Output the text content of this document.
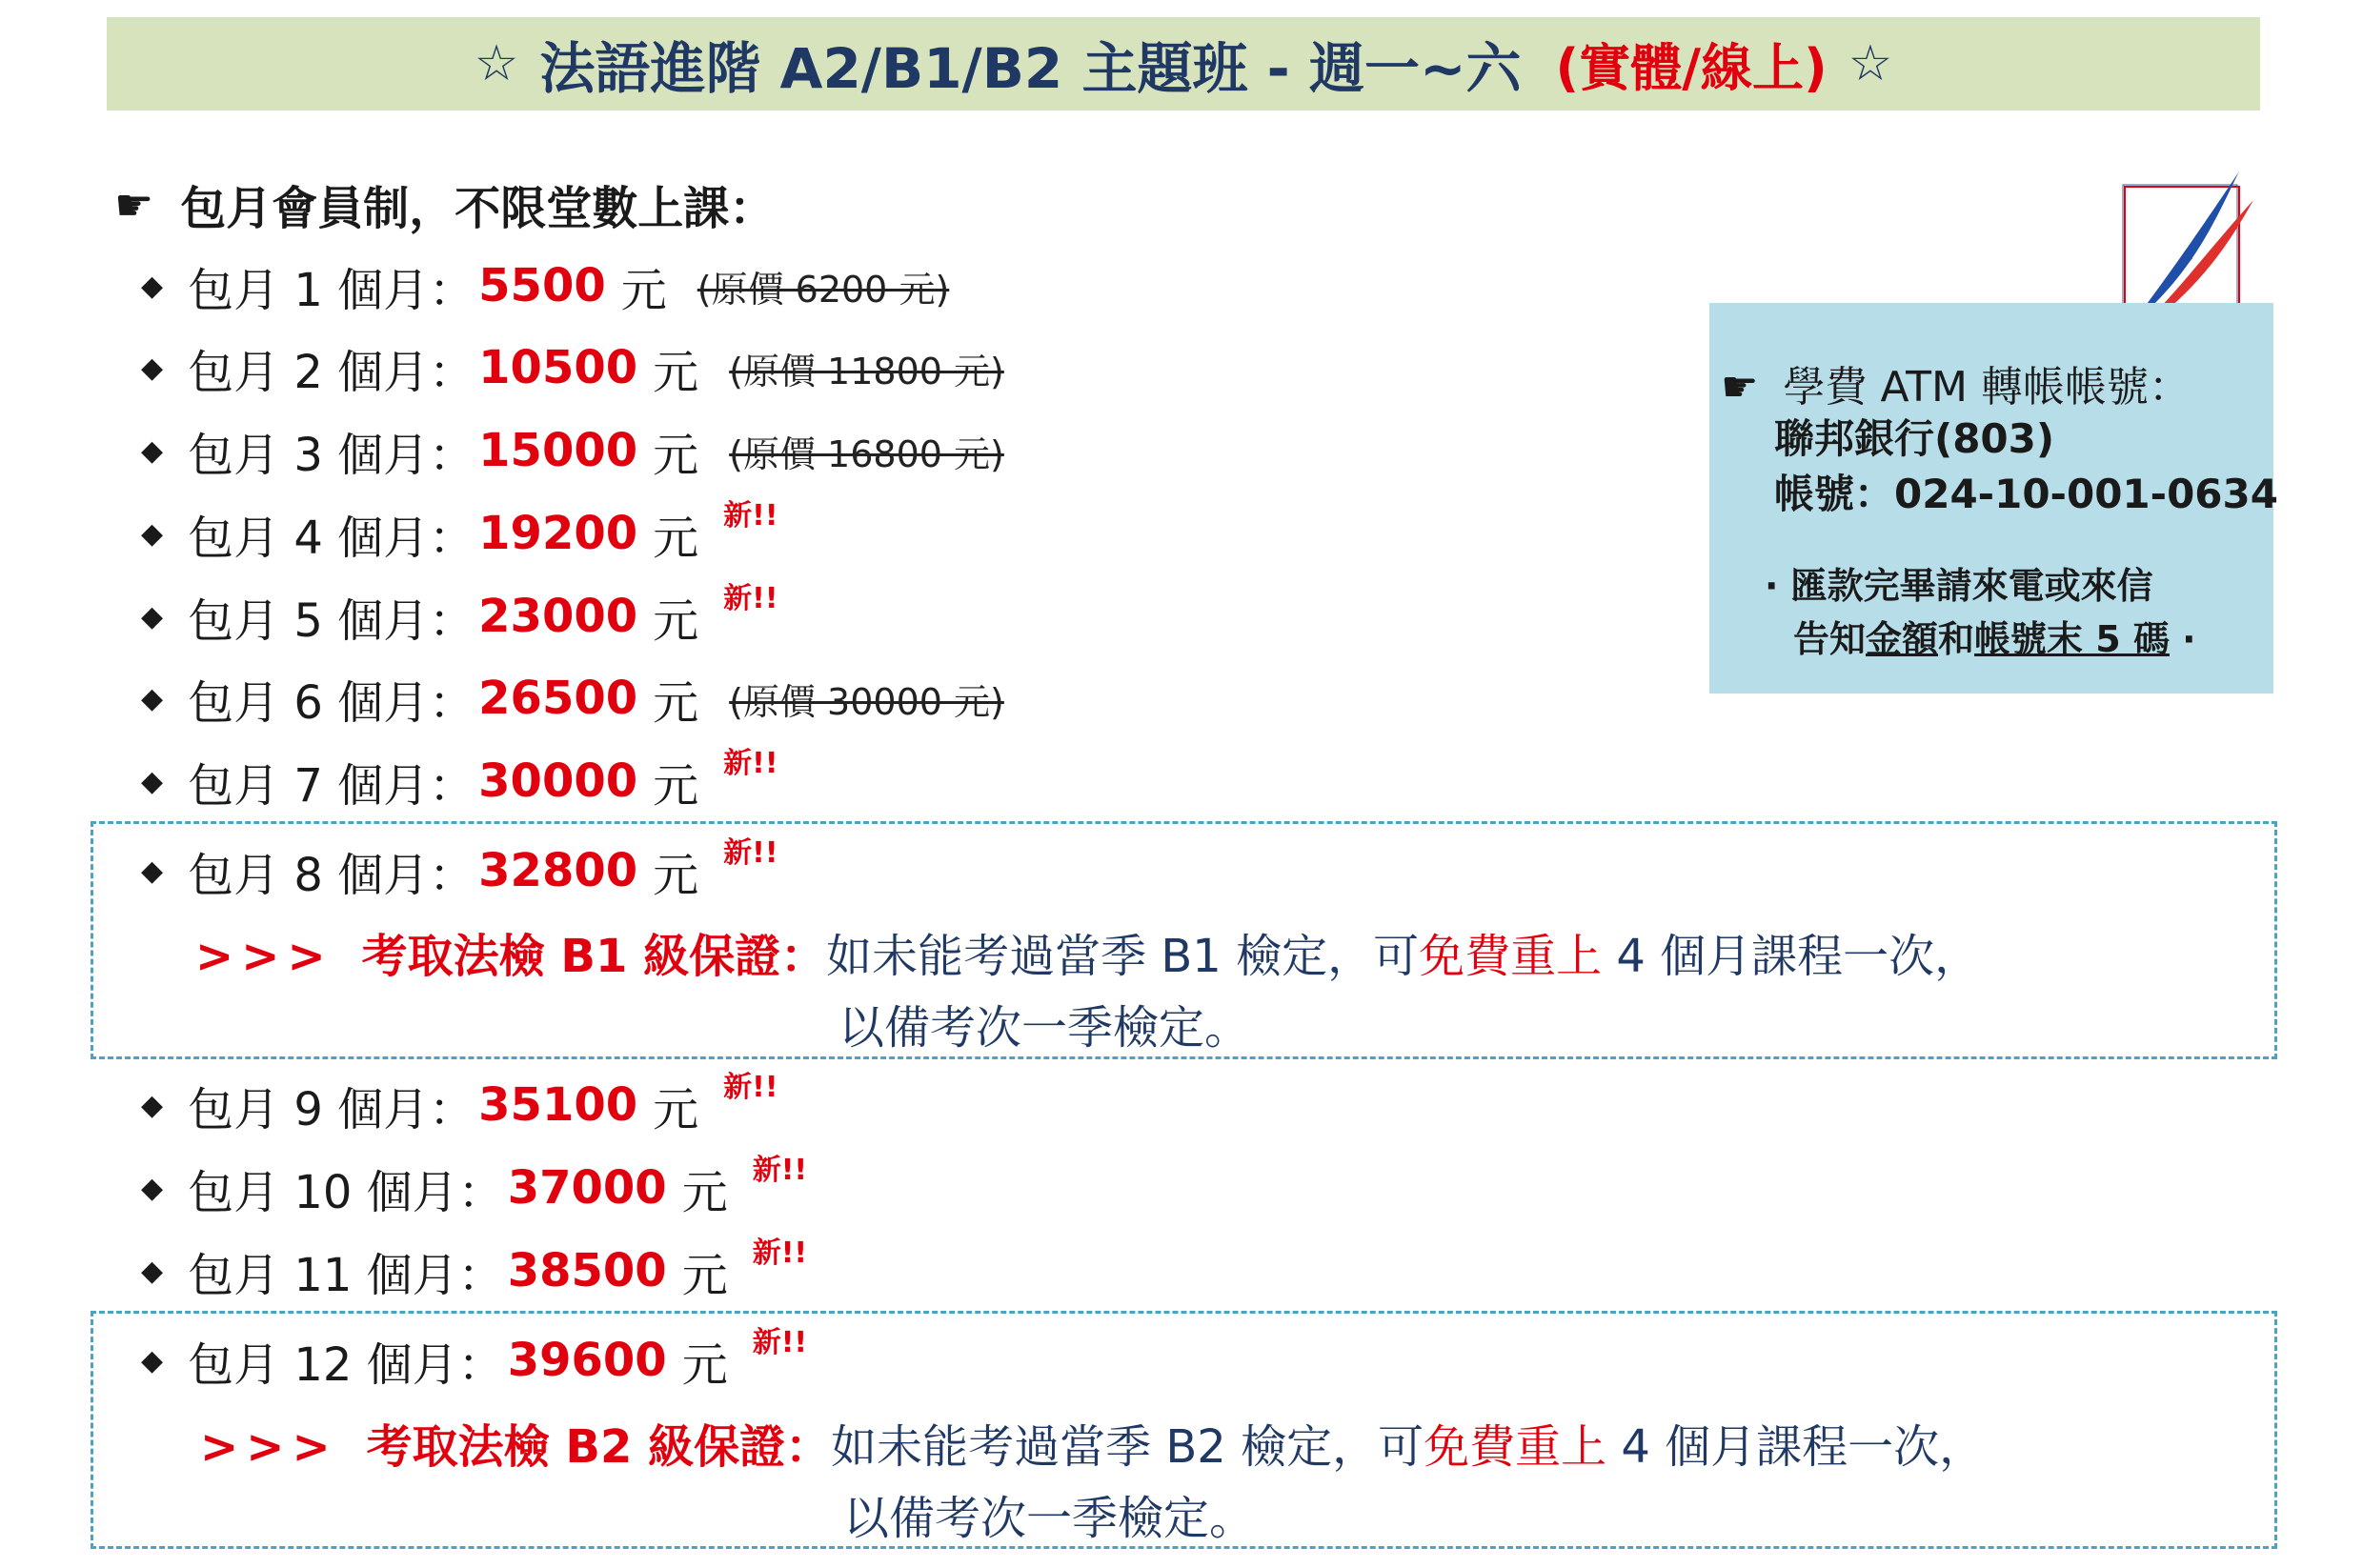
☆ 法語進階 A2/B1/B2 主題班 - 週一~六 (實體/線上) ☆
☛ 包月會員制，不限堂數上課：
◆ 包月 1 個月： 5500 元 (原價 6200 元)
◆ 包月 2 個月： 10500 元 (原價 11800 元)
◆ 包月 3 個月： 15000 元 (原價 16800 元)
◆ 包月 4 個月： 19200 元 新!!
◆ 包月 5 個月： 23000 元 新!!
◆ 包月 6 個月： 26500 元 (原價 30000 元)
◆ 包月 7 個月： 30000 元 新!!
◆ 包月 8 個月： 32800 元 新!!
>>> 考取法檢 B1 級保證：如未能考過當季 B1 檢定，可免費重上 4 個月課程一次，
以備考次一季檢定。
◆ 包月 9 個月： 35100 元 新!!
◆ 包月 10 個月： 37000 元 新!!
◆ 包月 11 個月： 38500 元 新!!
◆ 包月 12 個月： 39600 元 新!!
>>> 考取法檢 B2 級保證：如未能考過當季 B2 檢定，可免費重上 4 個月課程一次，
以備考次一季檢定。
☛ 學費 ATM 轉帳帳號：
聯邦銀行(803)
帳號：024-10-001-0634
· 匯款完畢請來電或來信
告知金額和帳號末 5 碼 ·
